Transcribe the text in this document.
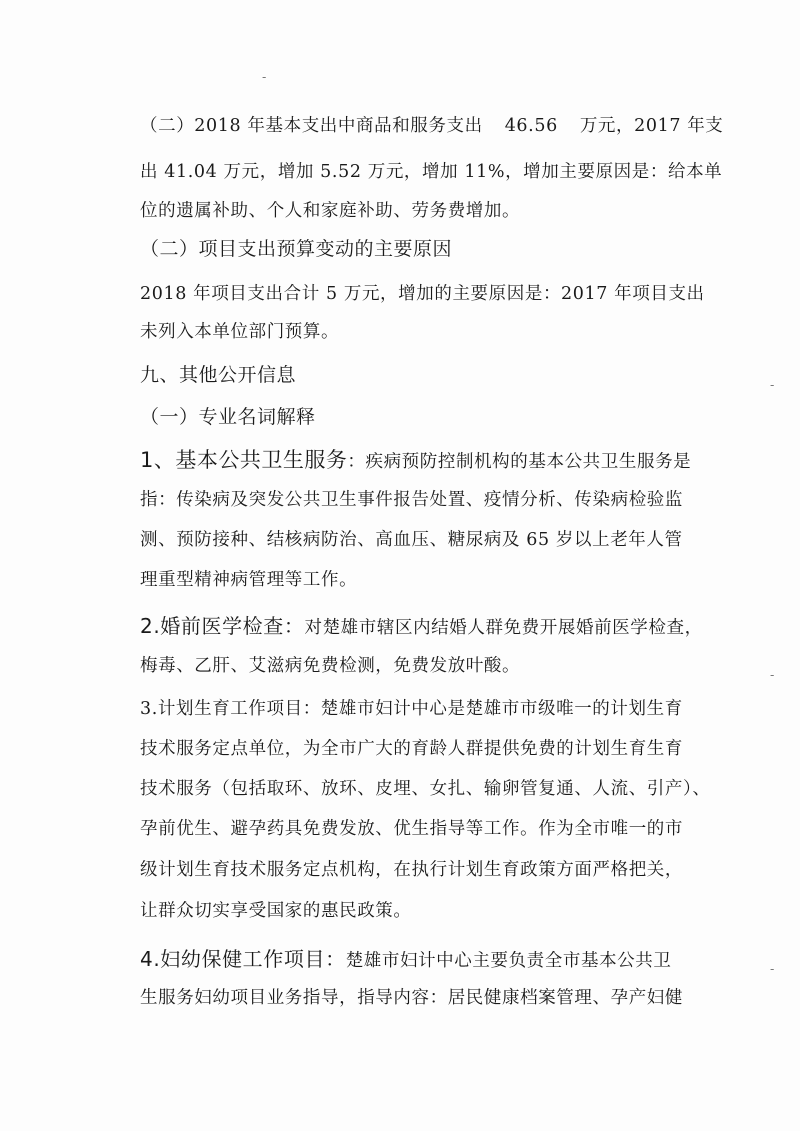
-
-
-
-
（二）2018 年基本支出中商品和服务支出 46.56 万元，2017 年支
出 41.04 万元，增加 5.52 万元，增加 11%，增加主要原因是：给本单
位的遗属补助、个人和家庭补助、劳务费增加。
（二）项目支出预算变动的主要原因
2018 年项目支出合计 5 万元，增加的主要原因是：2017 年项目支出
未列入本单位部门预算。
九、其他公开信息
（一）专业名词解释
1、基本公共卫生服务：疾病预防控制机构的基本公共卫生服务是
指：传染病及突发公共卫生事件报告处置、疫情分析、传染病检验监
测、预防接种、结核病防治、高血压、糖尿病及 65 岁以上老年人管
理重型精神病管理等工作。
2.婚前医学检查：对楚雄市辖区内结婚人群免费开展婚前医学检查，
梅毒、乙肝、艾滋病免费检测，免费发放叶酸。
3.计划生育工作项目：楚雄市妇计中心是楚雄市市级唯一的计划生育
技术服务定点单位，为全市广大的育龄人群提供免费的计划生育生育
技术服务（包括取环、放环、皮埋、女扎、输卵管复通、人流、引产）、
孕前优生、避孕药具免费发放、优生指导等工作。作为全市唯一的市
级计划生育技术服务定点机构，在执行计划生育政策方面严格把关，
让群众切实享受国家的惠民政策。
4.妇幼保健工作项目：楚雄市妇计中心主要负责全市基本公共卫
生服务妇幼项目业务指导，指导内容：居民健康档案管理、孕产妇健
